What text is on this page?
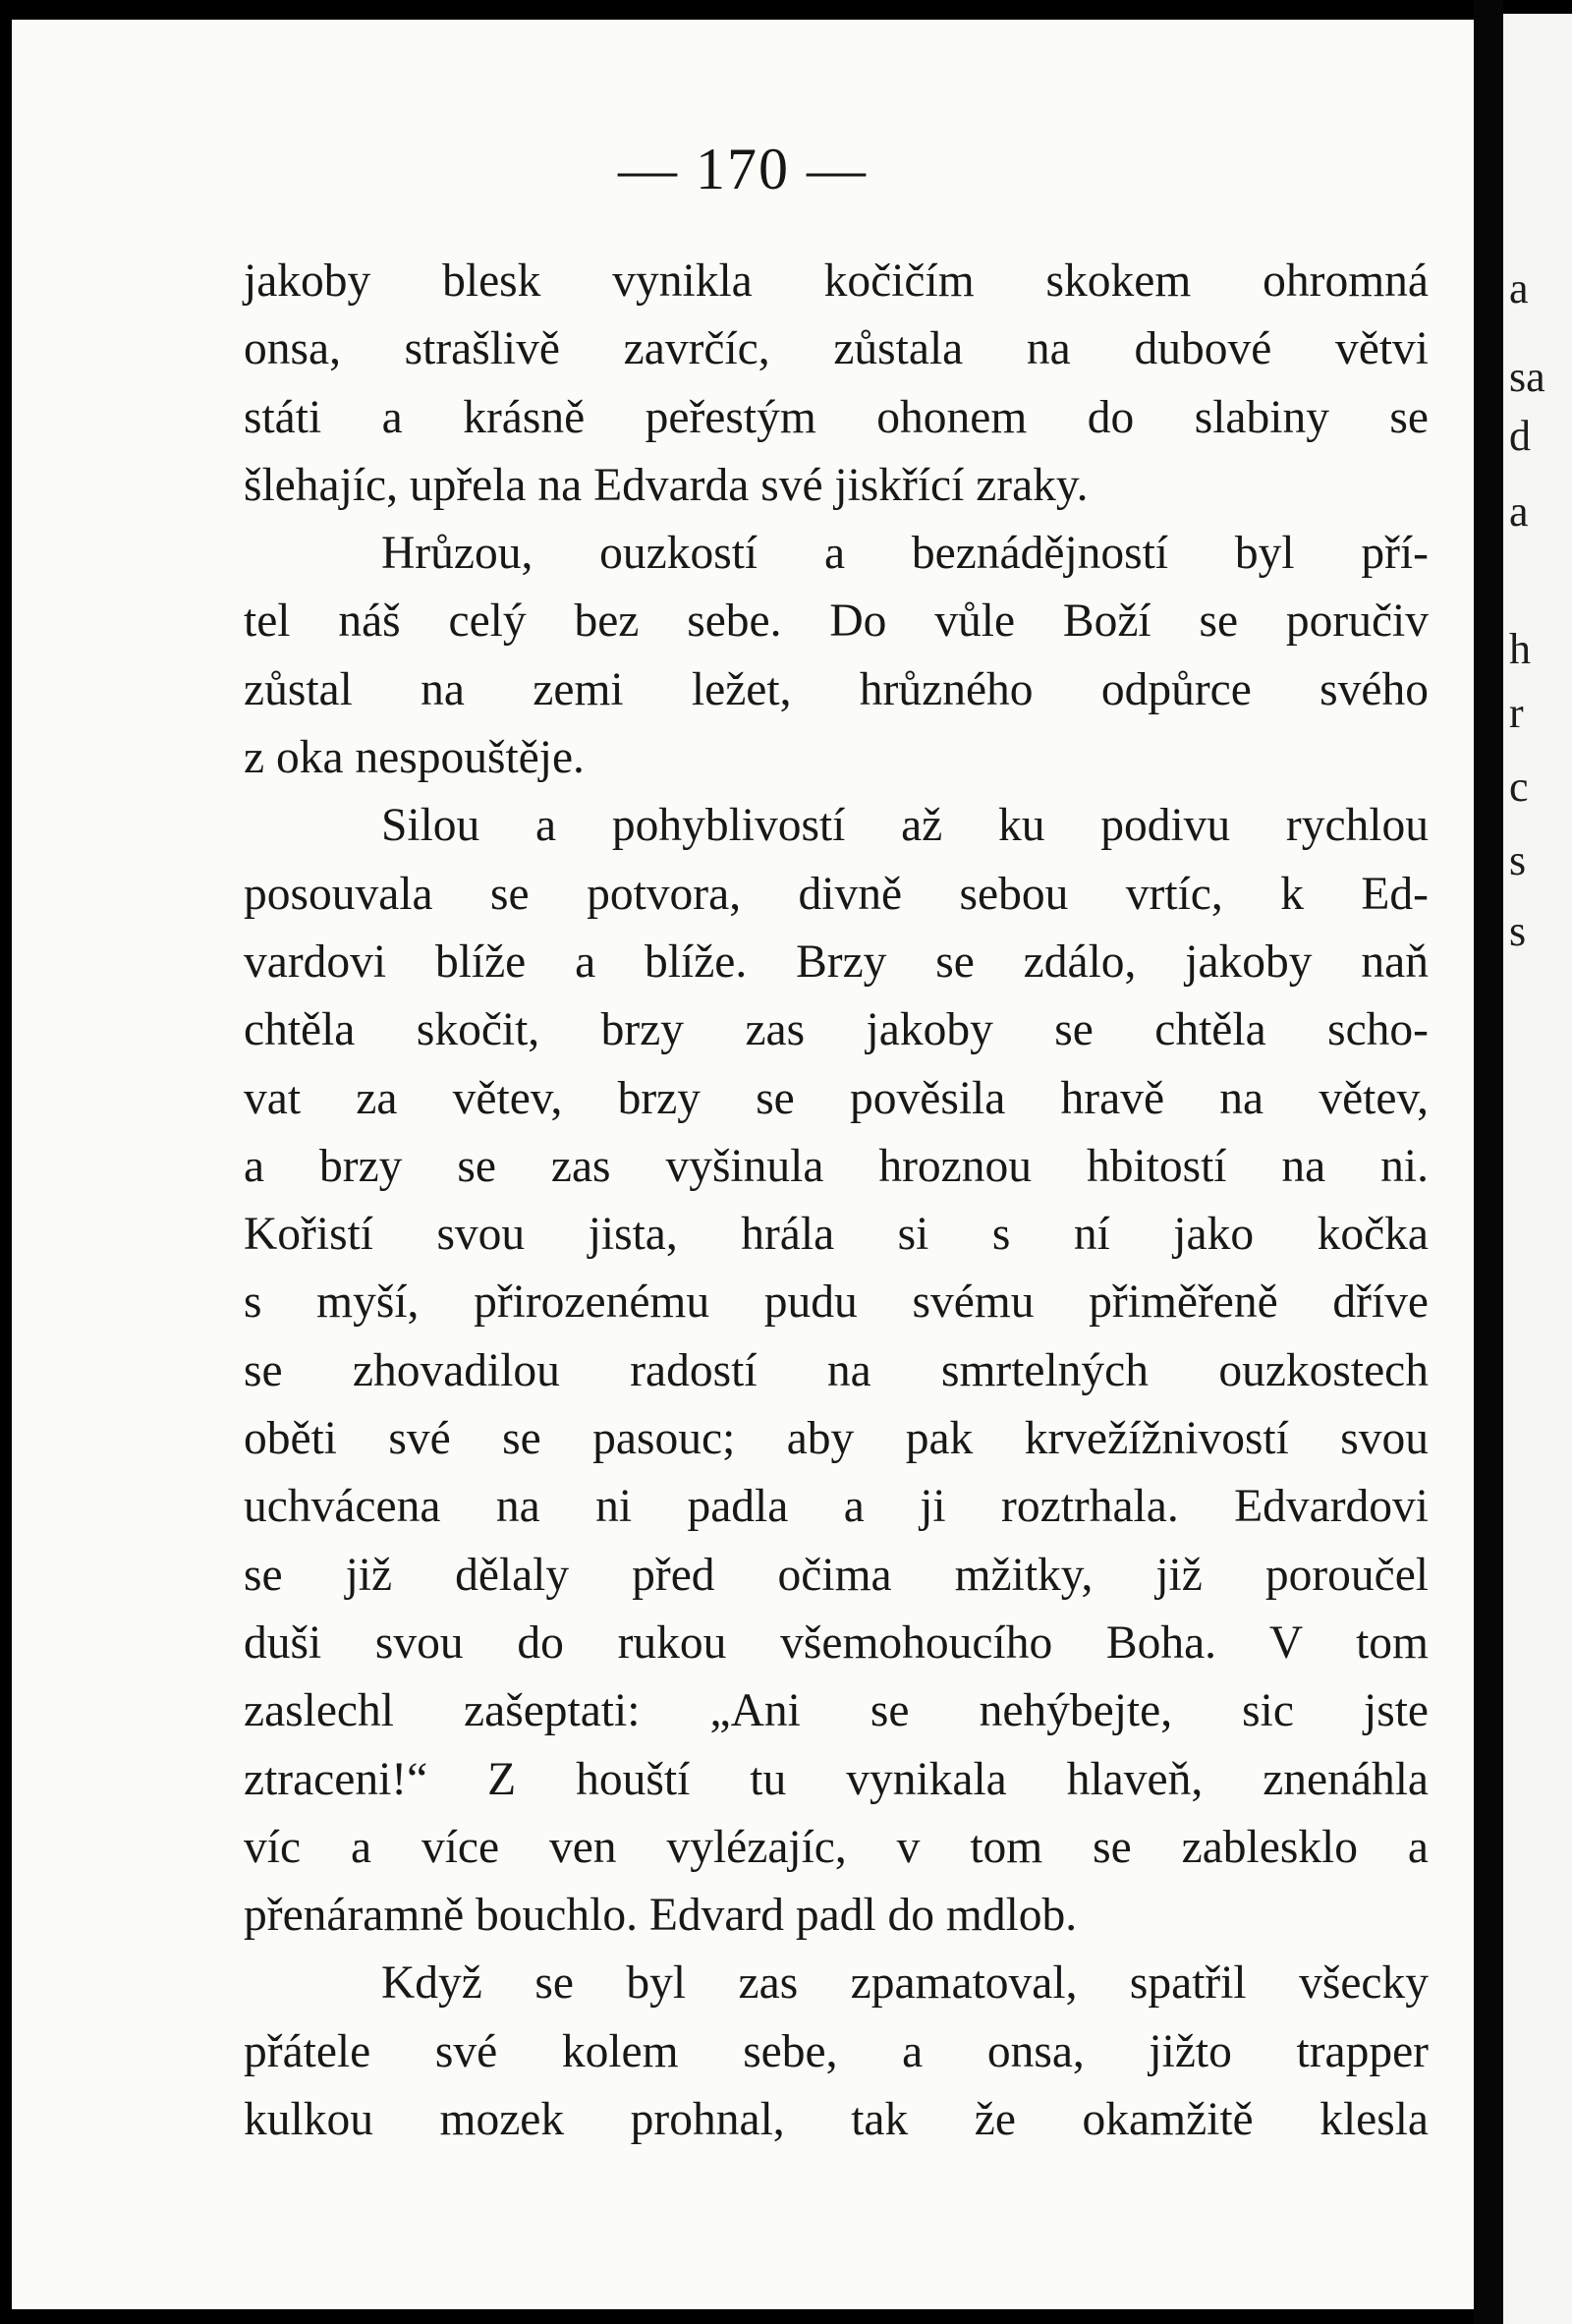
— 170 —
jakoby blesk vynikla kočičím skokem ohromná
onsa, strašlivě zavrčíc, zůstala na dubové větvi
státi a krásně peřestým ohonem do slabiny se
šlehajíc, upřela na Edvarda své jiskřící zraky.
Hrůzou, ouzkostí a beznádějností byl pří-
tel náš celý bez sebe. Do vůle Boží se poručiv
zůstal na zemi ležet, hrůzného odpůrce svého
z oka nespouštěje.
Silou a pohyblivostí až ku podivu rychlou
posouvala se potvora, divně sebou vrtíc, k Ed-
vardovi blíže a blíže. Brzy se zdálo, jakoby naň
chtěla skočit, brzy zas jakoby se chtěla scho-
vat za větev, brzy se pověsila hravě na větev,
a brzy se zas vyšinula hroznou hbitostí na ni.
Kořistí svou jista, hrála si s ní jako kočka
s myší, přirozenému pudu svému přiměřeně dříve
se zhovadilou radostí na smrtelných ouzkostech
oběti své se pasouc; aby pak krvežížnivostí svou
uchvácena na ni padla a ji roztrhala. Edvardovi
se již dělaly před očima mžitky, již poroučel
duši svou do rukou všemohoucího Boha. V tom
zaslechl zašeptati: „Ani se nehýbejte, sic jste
ztraceni!“ Z houští tu vynikala hlaveň, znenáhla
víc a více ven vylézajíc, v tom se zablesklo a
přenáramně bouchlo. Edvard padl do mdlob.
Když se byl zas zpamatoval, spatřil všecky
přátele své kolem sebe, a onsa, jižto trapper
kulkou mozek prohnal, tak že okamžitě klesla
a
sa
d
a
h
r
c
s
s
